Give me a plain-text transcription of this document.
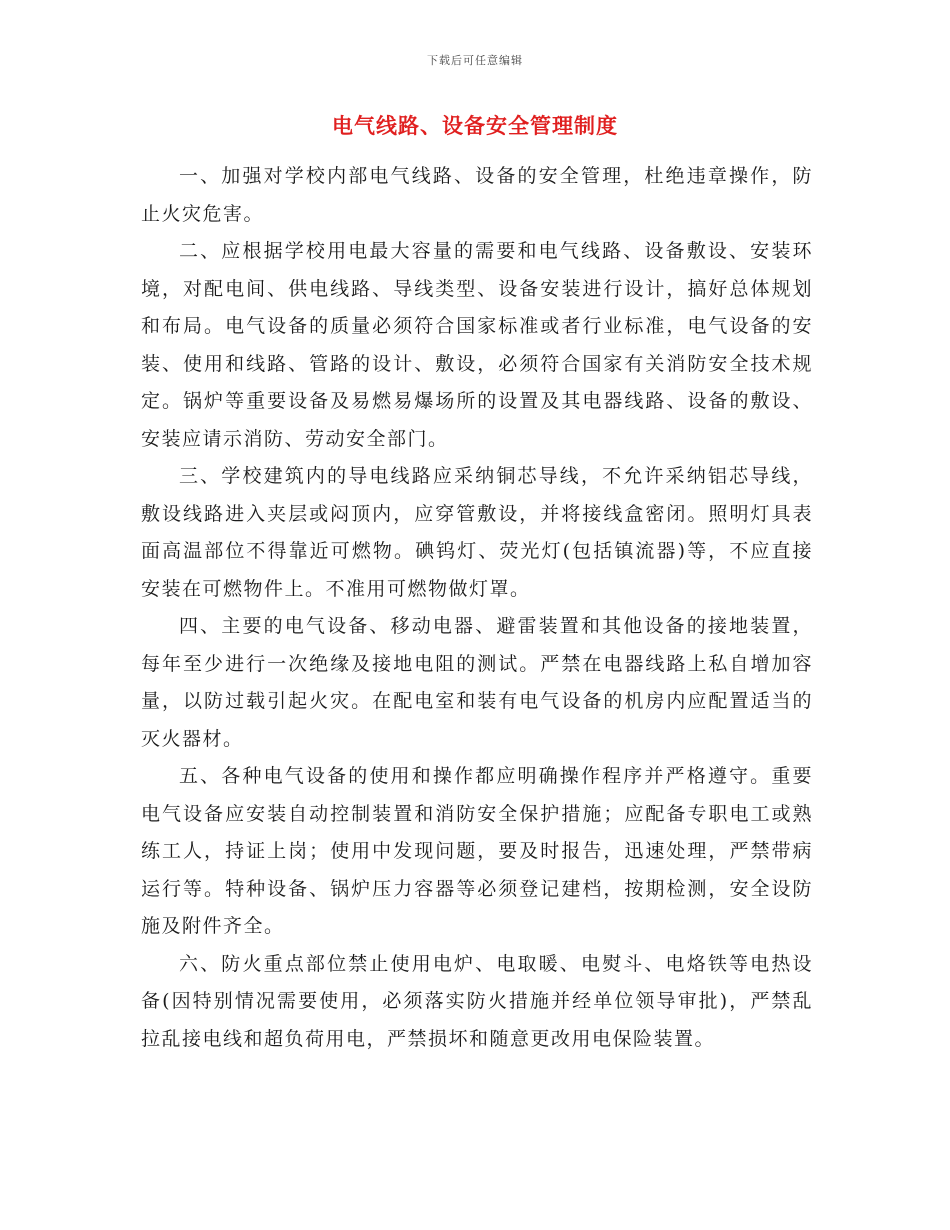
下载后可任意编辑
电气线路、设备安全管理制度

一、加强对学校内部电气线路、设备的安全管理，杜绝违章操作，防止火灾危害。

二、应根据学校用电最大容量的需要和电气线路、设备敷设、安装环境，对配电间、供电线路、导线类型、设备安装进行设计，搞好总体规划和布局。电气设备的质量必须符合国家标准或者行业标准，电气设备的安装、使用和线路、管路的设计、敷设，必须符合国家有关消防安全技术规定。锅炉等重要设备及易燃易爆场所的设置及其电器线路、设备的敷设、安装应请示消防、劳动安全部门。

三、学校建筑内的导电线路应采纳铜芯导线，不允许采纳铝芯导线，敷设线路进入夹层或闷顶内，应穿管敷设，并将接线盒密闭。照明灯具表面高温部位不得靠近可燃物。碘钨灯、荧光灯(包括镇流器)等，不应直接安装在可燃物件上。不准用可燃物做灯罩。

四、主要的电气设备、移动电器、避雷装置和其他设备的接地装置，每年至少进行一次绝缘及接地电阻的测试。严禁在电器线路上私自增加容量，以防过载引起火灾。在配电室和装有电气设备的机房内应配置适当的灭火器材。

五、各种电气设备的使用和操作都应明确操作程序并严格遵守。重要电气设备应安装自动控制装置和消防安全保护措施；应配备专职电工或熟练工人，持证上岗；使用中发现问题，要及时报告，迅速处理，严禁带病运行等。特种设备、锅炉压力容器等必须登记建档，按期检测，安全设防施及附件齐全。

六、防火重点部位禁止使用电炉、电取暖、电熨斗、电烙铁等电热设备(因特别情况需要使用，必须落实防火措施并经单位领导审批)，严禁乱拉乱接电线和超负荷用电，严禁损坏和随意更改用电保险装置。
